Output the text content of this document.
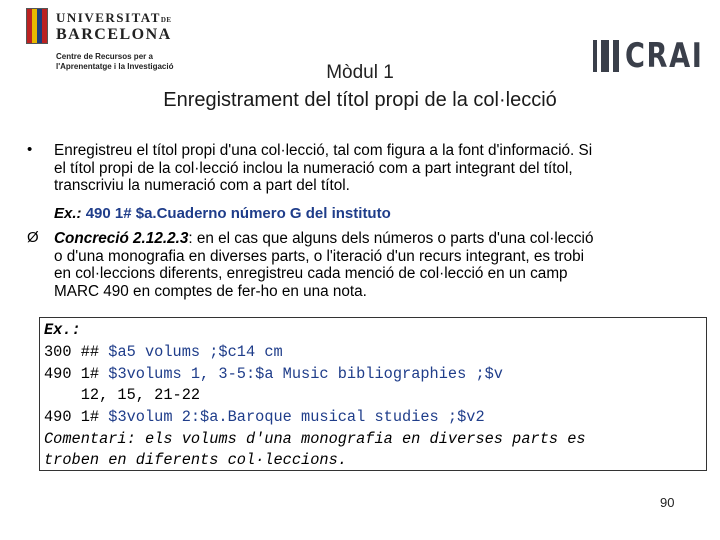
UNIVERSITATDE
BARCELONA
Centre de Recursos per a
l'Aprenentatge i la Investigació	CRAI
Mòdul 1
Enregistrament del títol propi de la col·lecció
• Enregistreu el títol propi d'una col·lecció, tal com figura a la font d'informació. Si
el títol propi de la col·lecció inclou la numeració com a part integrant del títol,
transcriviu la numeració com a part del títol.
Ex.: 490 1# $a.Cuaderno número G del instituto
Ø Concreció 2.12.2.3: en el cas que alguns dels números o parts d'una col·lecció
o d'una monografia en diverses parts, o l'iteració d'un recurs integrant, es trobi
en col·leccions diferents, enregistreu cada menció de col·lecció en un camp
MARC 490 en comptes de fer-ho en una nota.
Ex.:
300 ## $a5 volums ;$c14 cm
490 1# $3volums 1, 3-5:$a Music bibliographies ;$v
12, 15, 21-22
490 1# $3volum 2:$a.Baroque musical studies ;$v2
Comentari: els volums d'una monografia en diverses parts es
troben en diferents col·leccions.
90
